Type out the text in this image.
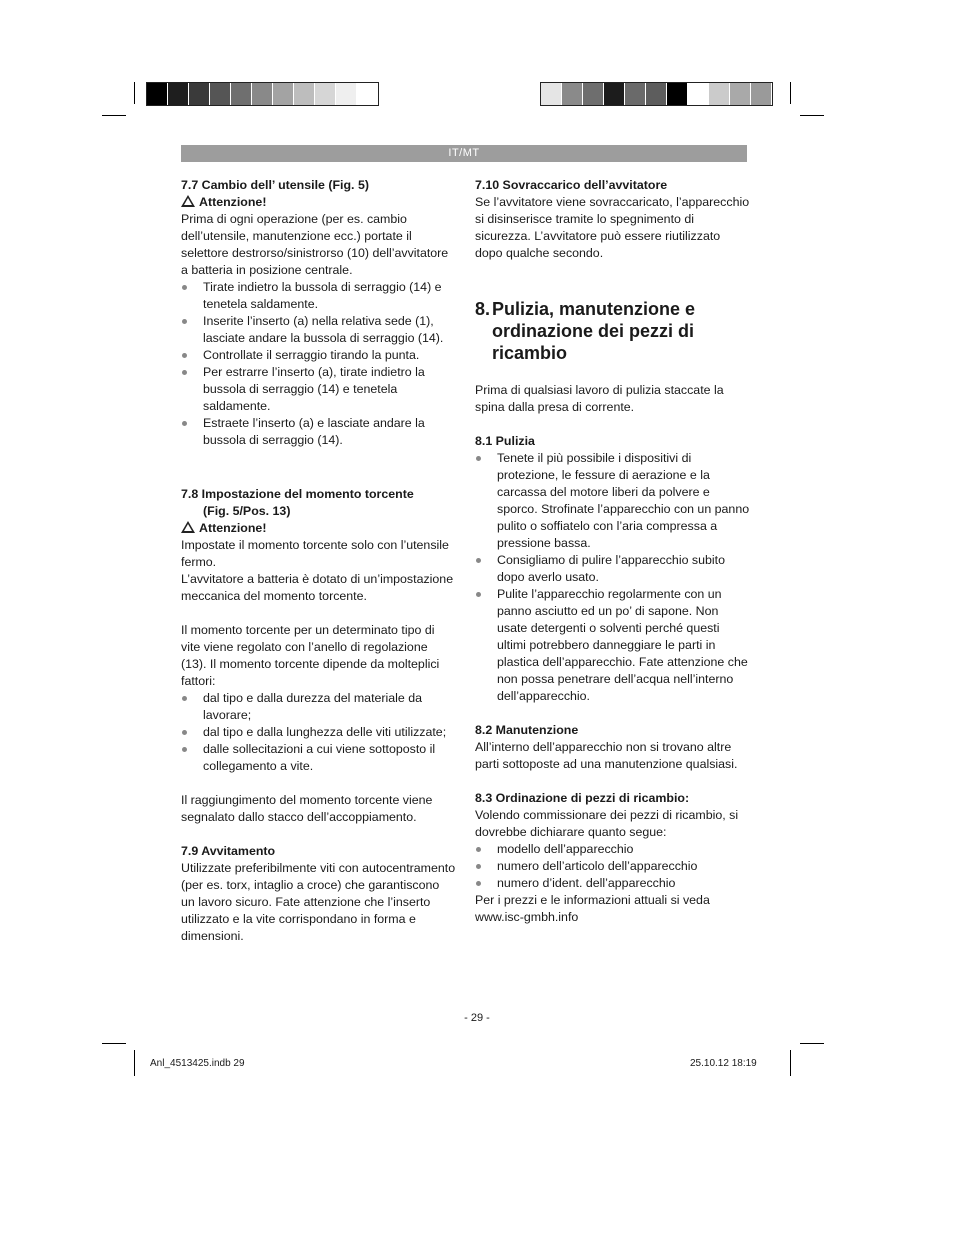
IT/MT

7.7 Cambio dell’ utensile (Fig. 5)

Attenzione!

Prima di ogni operazione (per es. cambio dell’utensile, manutenzione ecc.) portate il selettore destrorso/sinistrorso (10) dell’avvitatore a batteria in posizione centrale.

Tirate indietro la bussola di serraggio (14) e tenetela saldamente.
Inserite l’inserto (a) nella relativa sede (1), lasciate andare la bussola di serraggio (14).
Controllate il serraggio tirando la punta.
Per estrarre l’inserto (a), tirate indietro la bussola di serraggio (14) e tenetela saldamente.
Estraete l’inserto (a) e lasciate andare la bussola di serraggio (14).

7.8 Impostazione del momento torcente

(Fig. 5/Pos. 13)

Attenzione!

Impostate il momento torcente solo con l’utensile fermo.

L’avvitatore a batteria è dotato di un’impostazione meccanica del momento torcente.

Il momento torcente per un determinato tipo di vite viene regolato con l’anello di regolazione (13). Il momento torcente dipende da molteplici fattori:

dal tipo e dalla durezza del materiale da lavorare;
dal tipo e dalla lunghezza delle viti utilizzate;
dalle sollecitazioni a cui viene sottoposto il collegamento a vite.

Il raggiungimento del momento torcente viene segnalato dallo stacco dell’accoppiamento.

7.9 Avvitamento

Utilizzate preferibilmente viti con autocentramento (per es. torx, intaglio a croce) che garantiscono un lavoro sicuro. Fate attenzione che l’inserto utilizzato e la vite corrispondano in forma e dimensioni.

7.10 Sovraccarico dell’avvitatore

Se l’avvitatore viene sovraccaricato, l’apparecchio si disinserisce tramite lo spegnimento di sicurezza. L’avvitatore può essere riutilizzato dopo qualche secondo.

8. Pulizia, manutenzione e ordinazione dei pezzi di ricambio

Prima di qualsiasi lavoro di pulizia staccate la spina dalla presa di corrente.

8.1 Pulizia

Tenete il più possibile i dispositivi di protezione, le fessure di aerazione e la carcassa del motore liberi da polvere e sporco. Strofinate l’apparecchio con un panno pulito o soffiatelo con l’aria compressa a pressione bassa.
Consigliamo di pulire l’apparecchio subito dopo averlo usato.
Pulite l’apparecchio regolarmente con un panno asciutto ed un po’ di sapone. Non usate detergenti o solventi perché questi ultimi potrebbero danneggiare le parti in plastica dell’apparecchio. Fate attenzione che non possa penetrare dell’acqua nell’interno dell’apparecchio.

8.2 Manutenzione

All’interno dell’apparecchio non si trovano altre parti sottoposte ad una manutenzione qualsiasi.

8.3 Ordinazione di pezzi di ricambio:

Volendo commissionare dei pezzi di ricambio, si dovrebbe dichiarare quanto segue:

modello dell’apparecchio
numero dell’articolo dell’apparecchio
numero d’ident. dell’apparecchio

Per i prezzi e le informazioni attuali si veda www.isc-gmbh.info

- 29 -
Anl_4513425.indb 29	25.10.12 18:19
